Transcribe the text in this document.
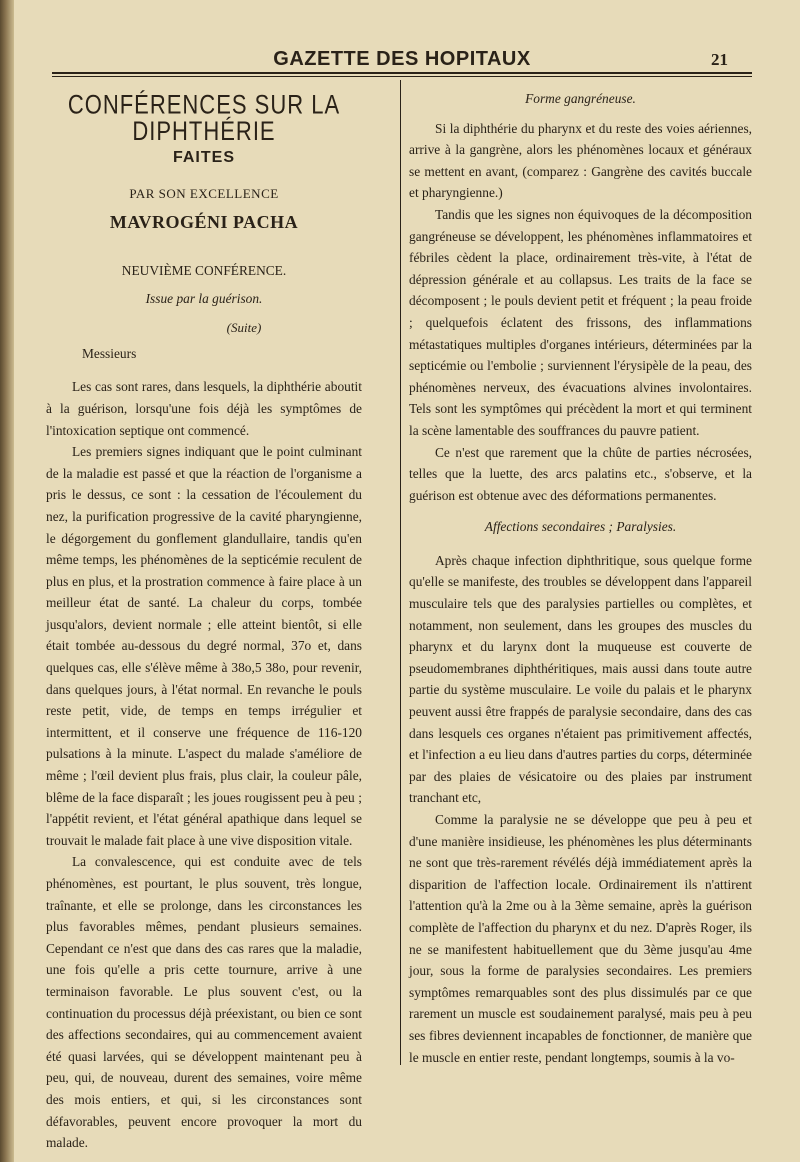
GAZETTE DES HOPITAUX	21
CONFÉRENCES SUR LA DIPHTHÉRIE
FAITES
PAR SON EXCELLENCE
MAVROGÉNI PACHA
NEUVIÈME CONFÉRENCE.
Issue par la guérison.
(Suite)
Messieurs

Les cas sont rares, dans lesquels, la diphthérie aboutit à la guérison, lorsqu'une fois déjà les symptômes de l'intoxication septique ont commencé.

Les premiers signes indiquant que le point culminant de la maladie est passé et que la réaction de l'organisme a pris le dessus, ce sont : la cessation de l'écoulement du nez, la purification progressive de la cavité pharyngienne, le dégorgement du gonflement glandullaire, tandis qu'en même temps, les phénomènes de la septicémie reculent de plus en plus, et la prostration commence à faire place à un meilleur état de santé. La chaleur du corps, tombée jusqu'alors, devient normale ; elle atteint bientôt, si elle était tombée au-dessous du degré normal, 37o et, dans quelques cas, elle s'élève même à 38o,5 38o, pour revenir, dans quelques jours, à l'état normal. En revanche le pouls reste petit, vide, de temps en temps irrégulier et intermittent, et il conserve une fréquence de 116-120 pulsations à la minute. L'aspect du malade s'améliore de même ; l'œil devient plus frais, plus clair, la couleur pâle, blême de la face disparaît ; les joues rougissent peu à peu ; l'appétit revient, et l'état général apathique dans lequel se trouvait le malade fait place à une vive disposition vitale.

La convalescence, qui est conduite avec de tels phénomènes, est pourtant, le plus souvent, très longue, traînante, et elle se prolonge, dans les circonstances les plus favorables mêmes, pendant plusieurs semaines. Cependant ce n'est que dans des cas rares que la maladie, une fois qu'elle a pris cette tournure, arrive à une terminaison favorable. Le plus souvent c'est, ou la continuation du processus déjà préexistant, ou bien ce sont des affections secondaires, qui au commencement avaient été quasi larvées, qui se développent maintenant peu à peu, qui, de nouveau, durent des semaines, voire même des mois entiers, et qui, si les circonstances sont défavorables, peuvent encore provoquer la mort du malade.

Forme gangréneuse.

Si la diphthérie du pharynx et du reste des voies aériennes, arrive à la gangrène, alors les phénomènes locaux et généraux se mettent en avant, (comparez : Gangrène des cavités buccale et pharyngienne.)

Tandis que les signes non équivoques de la décomposition gangréneuse se développent, les phénomènes inflammatoires et fébriles cèdent la place, ordinairement très-vite, à l'état de dépression générale et au collapsus. Les traits de la face se décomposent ; le pouls devient petit et fréquent ; la peau froide ; quelquefois éclatent des frissons, des inflammations métastatiques multiples d'organes intérieurs, déterminées par la septicémie ou l'embolie ; surviennent l'érysipèle de la peau, des phénomènes nerveux, des évacuations alvines involontaires. Tels sont les symptômes qui précèdent la mort et qui terminent la scène lamentable des souffrances du pauvre patient.

Ce n'est que rarement que la chûte de parties nécrosées, telles que la luette, des arcs palatins etc., s'observe, et la guérison est obtenue avec des déformations permanentes.

Affections secondaires ; Paralysies.

Après chaque infection diphthritique, sous quelque forme qu'elle se manifeste, des troubles se développent dans l'appareil musculaire tels que des paralysies partielles ou complètes, et notamment, non seulement, dans les groupes des muscles du pharynx et du larynx dont la muqueuse est couverte de pseudomembranes diphthéritiques, mais aussi dans toute autre partie du système musculaire. Le voile du palais et le pharynx peuvent aussi être frappés de paralysie secondaire, dans des cas dans lesquels ces organes n'étaient pas primitivement affectés, et l'infection a eu lieu dans d'autres parties du corps, déterminée par des plaies de vésicatoire ou des plaies par instrument tranchant etc,

Comme la paralysie ne se développe que peu à peu et d'une manière insidieuse, les phénomènes les plus déterminants ne sont que très-rarement révélés déjà immédiatement après la disparition de l'affection locale. Ordinairement ils n'attirent l'attention qu'à la 2me ou à la 3ème semaine, après la guérison complète de l'affection du pharynx et du nez. D'après Roger, ils ne se manifestent habituellement que du 3ème jusqu'au 4me jour, sous la forme de paralysies secondaires. Les premiers symptômes remarquables sont des plus dissimulés par ce que rarement un muscle est soudainement paralysé, mais peu à peu ses fibres deviennent incapables de fonctionner, de manière que le muscle en entier reste, pendant longtemps, soumis à la vo-
